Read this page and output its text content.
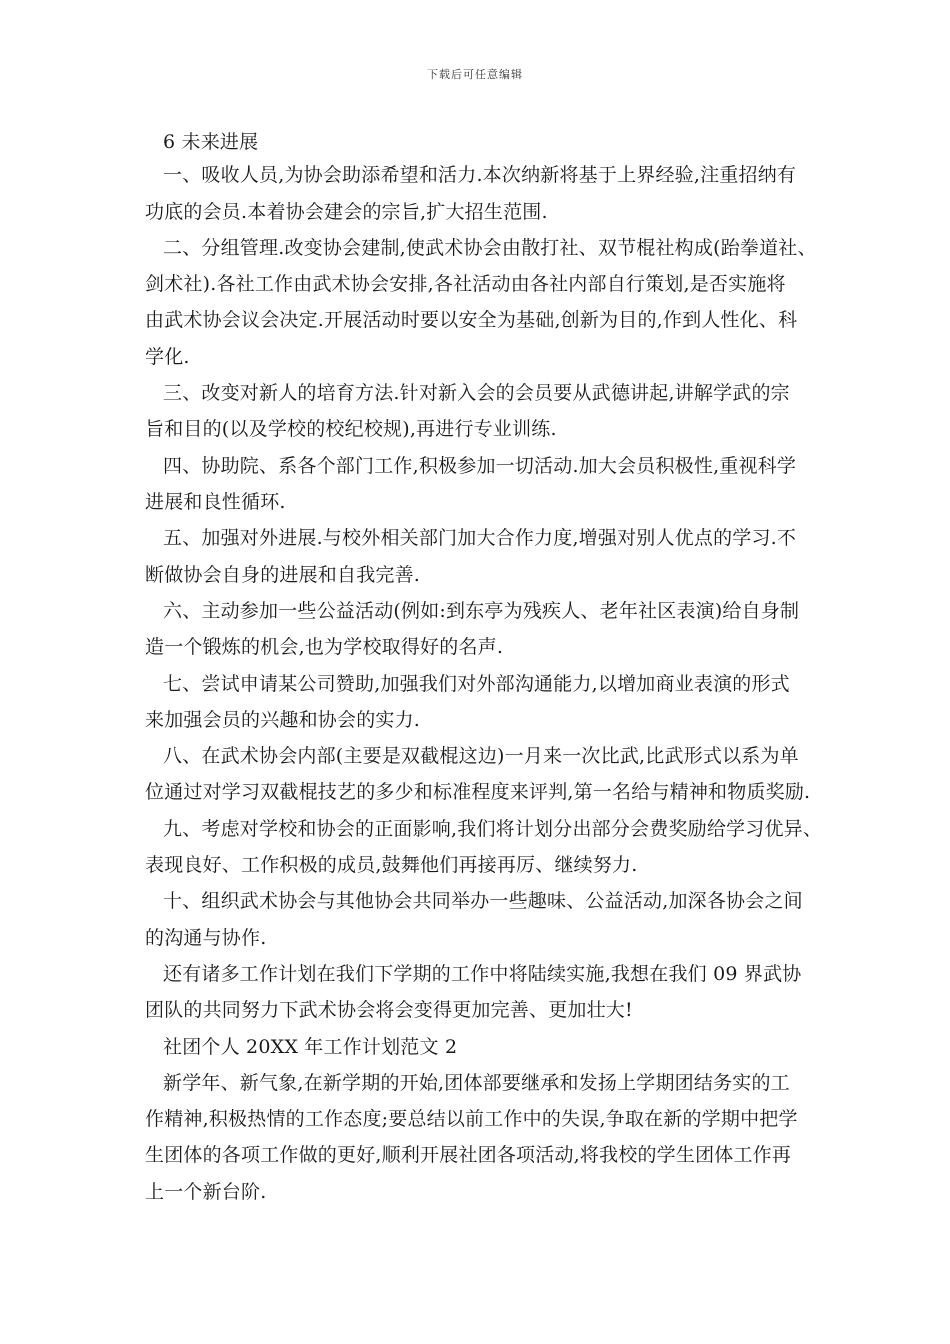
下载后可任意编辑
6 未来进展
一、吸收人员,为协会助添希望和活力.本次纳新将基于上界经验,注重招纳有
功底的会员.本着协会建会的宗旨,扩大招生范围.
二、分组管理.改变协会建制,使武术协会由散打社、双节棍社构成(跆拳道社、
剑术社).各社工作由武术协会安排,各社活动由各社内部自行策划,是否实施将
由武术协会议会决定.开展活动时要以安全为基础,创新为目的,作到人性化、科
学化.
三、改变对新人的培育方法.针对新入会的会员要从武德讲起,讲解学武的宗
旨和目的(以及学校的校纪校规),再进行专业训练.
四、协助院、系各个部门工作,积极参加一切活动.加大会员积极性,重视科学
进展和良性循环.
五、加强对外进展.与校外相关部门加大合作力度,增强对别人优点的学习.不
断做协会自身的进展和自我完善.
六、主动参加一些公益活动(例如:到东亭为残疾人、老年社区表演)给自身制
造一个锻炼的机会,也为学校取得好的名声.
七、尝试申请某公司赞助,加强我们对外部沟通能力,以增加商业表演的形式
来加强会员的兴趣和协会的实力.
八、在武术协会内部(主要是双截棍这边)一月来一次比武,比武形式以系为单
位通过对学习双截棍技艺的多少和标准程度来评判,第一名给与精神和物质奖励.
九、考虑对学校和协会的正面影响,我们将计划分出部分会费奖励给学习优异、
表现良好、工作积极的成员,鼓舞他们再接再厉、继续努力.
十、组织武术协会与其他协会共同举办一些趣味、公益活动,加深各协会之间
的沟通与协作.
还有诸多工作计划在我们下学期的工作中将陆续实施,我想在我们 09 界武协
团队的共同努力下武术协会将会变得更加完善、更加壮大!
社团个人 20XX 年工作计划范文 2
新学年、新气象,在新学期的开始,团体部要继承和发扬上学期团结务实的工
作精神,积极热情的工作态度;要总结以前工作中的失误,争取在新的学期中把学
生团体的各项工作做的更好,顺利开展社团各项活动,将我校的学生团体工作再
上一个新台阶.
